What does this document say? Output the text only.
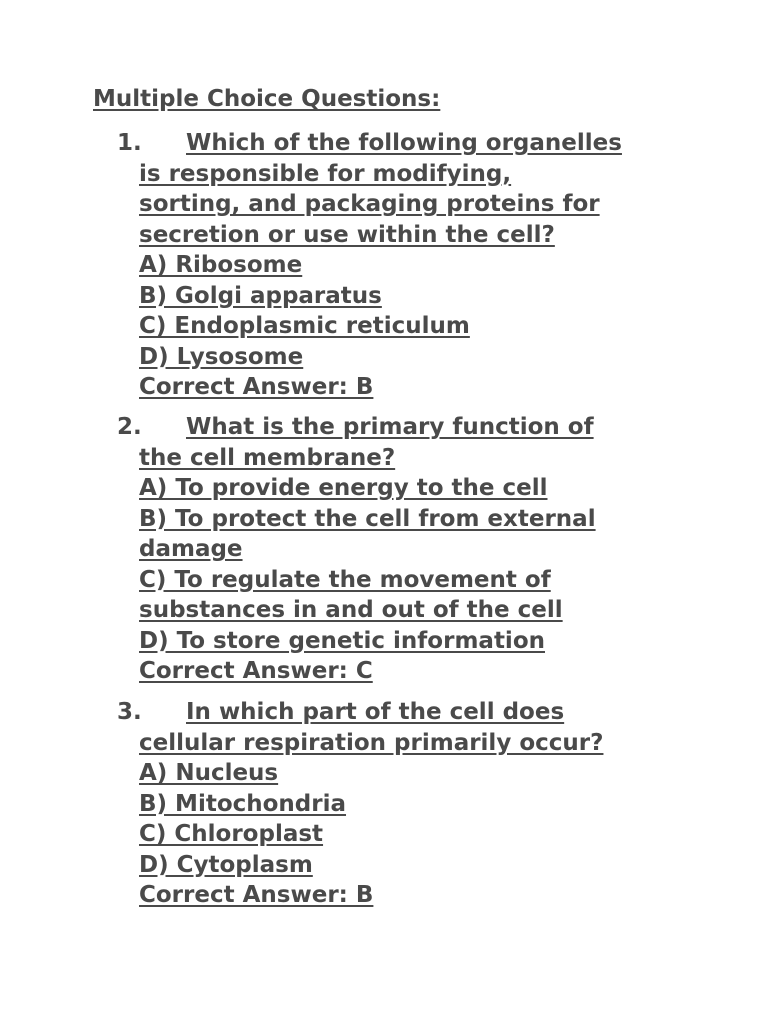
Multiple Choice Questions:
1.	Which of the following organelles
is responsible for modifying,
sorting, and packaging proteins for
secretion or use within the cell?
A) Ribosome
B) Golgi apparatus
C) Endoplasmic reticulum
D) Lysosome
Correct Answer: B
2.	What is the primary function of
the cell membrane?
A) To provide energy to the cell
B) To protect the cell from external
damage
C) To regulate the movement of
substances in and out of the cell
D) To store genetic information
Correct Answer: C
3.	In which part of the cell does
cellular respiration primarily occur?
A) Nucleus
B) Mitochondria
C) Chloroplast
D) Cytoplasm
Correct Answer: B
